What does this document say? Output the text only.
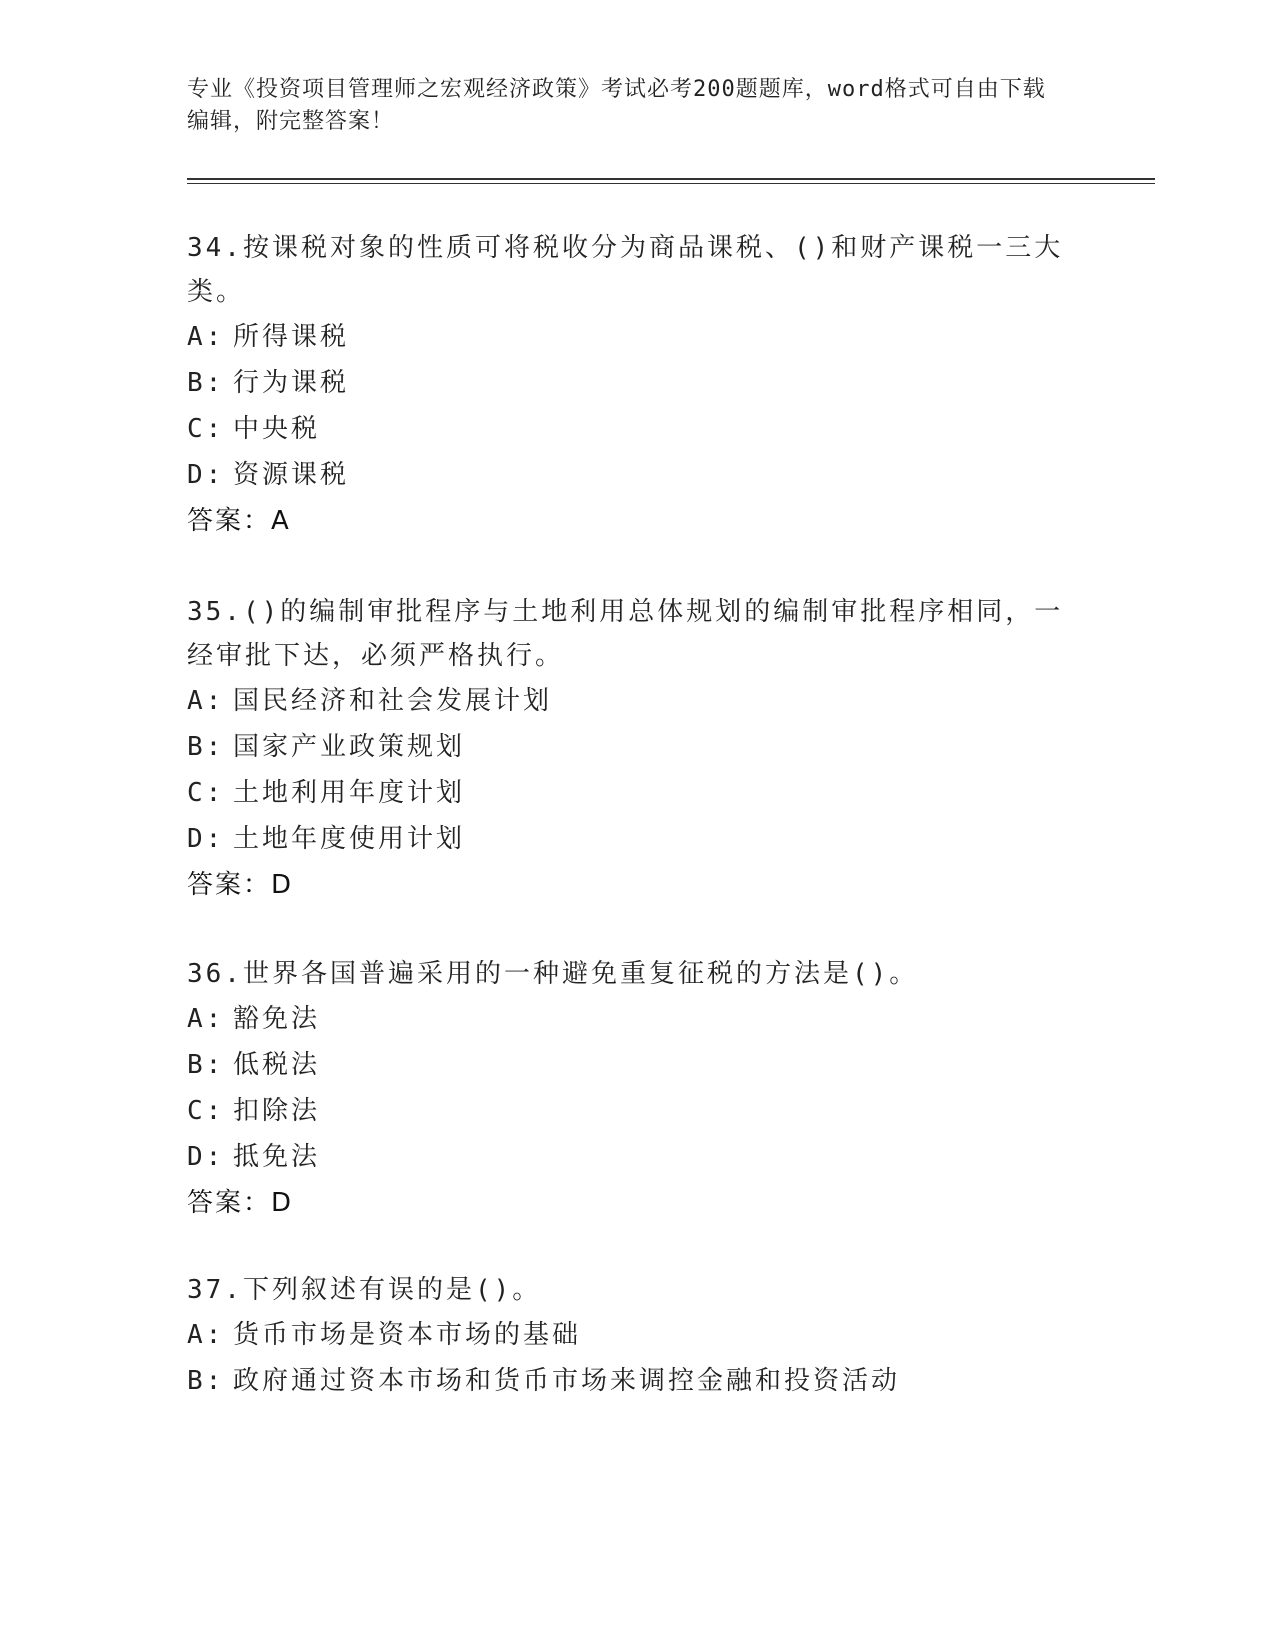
专业《投资项目管理师之宏观经济政策》考试必考200题题库，word格式可自由下载编辑，附完整答案！

34.按课税对象的性质可将税收分为商品课税、()和财产课税一三大类。

A: 所得课税

B: 行为课税

C: 中央税

D: 资源课税

答案：A

35.()的编制审批程序与土地利用总体规划的编制审批程序相同，一经审批下达，必须严格执行。

A: 国民经济和社会发展计划

B: 国家产业政策规划

C: 土地利用年度计划

D: 土地年度使用计划

答案：D

36.世界各国普遍采用的一种避免重复征税的方法是()。

A: 豁免法

B: 低税法

C: 扣除法

D: 抵免法

答案：D

37.下列叙述有误的是()。

A: 货币市场是资本市场的基础

B: 政府通过资本市场和货币市场来调控金融和投资活动
